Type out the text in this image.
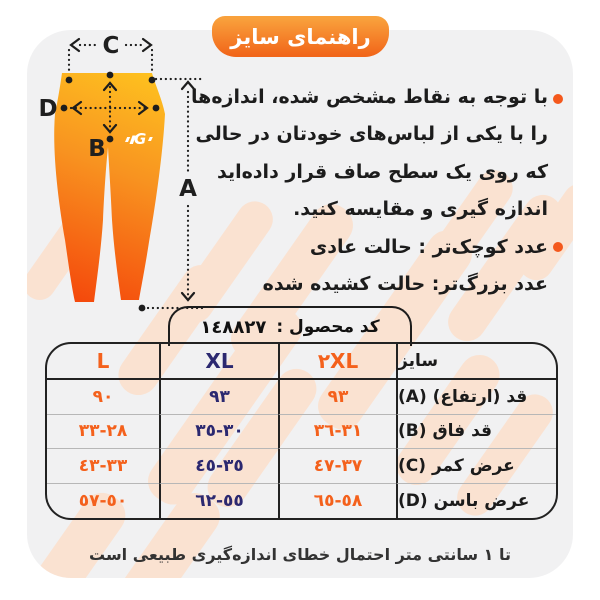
راهنمای سایز
G
C
D
B
A
با توجه به نقاط مشخص شده، اندازه‌ها
را با یکی از لباس‌های خودتان در حالی
که روی یک سطح صاف قرار داده‌اید
اندازه گیری و مقایسه کنید.
عدد کوچک‌تر : حالت عادی
عدد بزرگ‌تر: حالت کشیده شده
کد محصول :
١٤٨٨٢٧
L	XL	٢XL	سایز
٩٠	٩٣	٩٣	قد (ارتفاع) (A)
٢٨-٣٣	٣٠-٣٥	٣١-٣٦	قد فاق (B)
٣٣-٤٣	٣٥-٤٥	٣٧-٤٧	عرض کمر (C)
٥٠-٥٧	٥٥-٦٢	٥٨-٦٥	عرض باسن (D)
تا ١ سانتی متر احتمال خطای اندازه‌گیری طبیعی است
